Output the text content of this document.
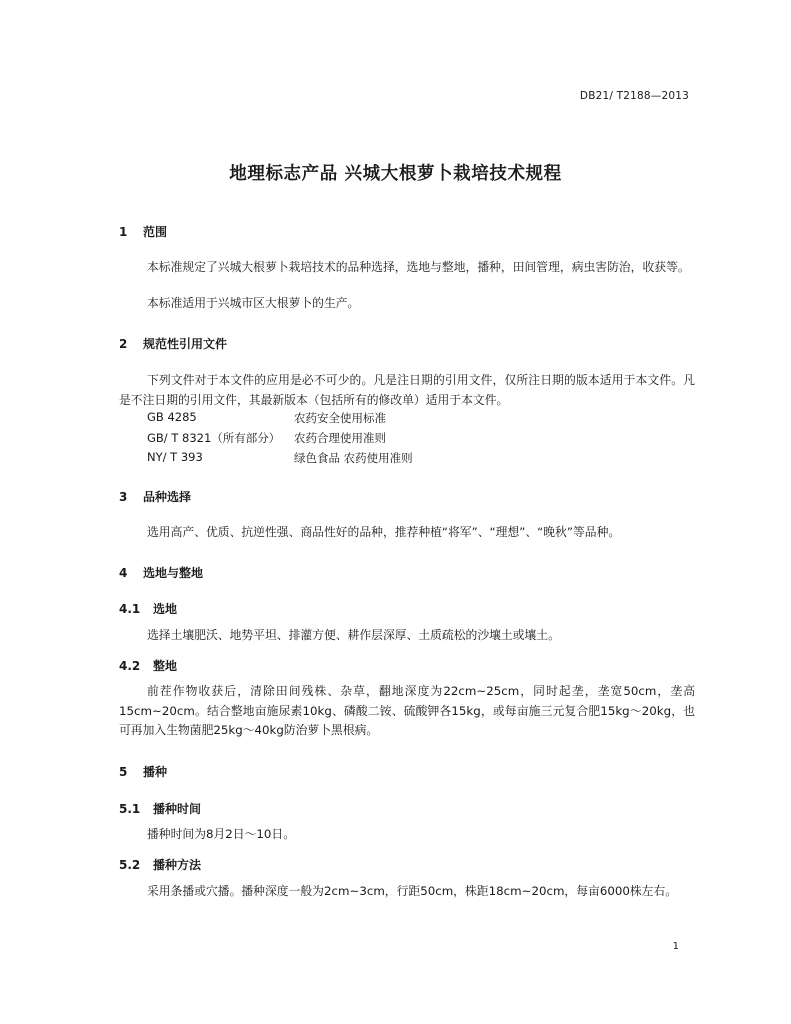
DB21/ T2188—2013
地理标志产品 兴城大根萝卜栽培技术规程
1 范围
本标准规定了兴城大根萝卜栽培技术的品种选择，选地与整地，播种，田间管理，病虫害防治，收获等。
本标准适用于兴城市区大根萝卜的生产。
2 规范性引用文件
下列文件对于本文件的应用是必不可少的。凡是注日期的引用文件，仅所注日期的版本适用于本文件。凡是不注日期的引用文件，其最新版本（包括所有的修改单）适用于本文件。
GB 4285	农药安全使用标准
GB/ T 8321（所有部分） 农药合理使用准则
NY/ T 393	绿色食品 农药使用准则
3 品种选择
选用高产、优质、抗逆性强、商品性好的品种，推荐种植“将军”、“理想”、“晚秋”等品种。
4 选地与整地
4.1 选地
选择土壤肥沃、地势平坦、排灌方便、耕作层深厚、土质疏松的沙壤土或壤土。
4.2 整地
前茬作物收获后，清除田间残株、杂草，翻地深度为22cm~25cm，同时起垄，垄宽50cm，垄高15cm~20cm。结合整地亩施尿素10kg、磷酸二铵、硫酸钾各15kg，或每亩施三元复合肥15kg～20kg，也可再加入生物菌肥25kg～40kg防治萝卜黑根病。
5 播种
5.1 播种时间
播种时间为8月2日～10日。
5.2 播种方法
采用条播或穴播。播种深度一般为2cm~3cm，行距50cm，株距18cm~20cm，每亩6000株左右。
1
